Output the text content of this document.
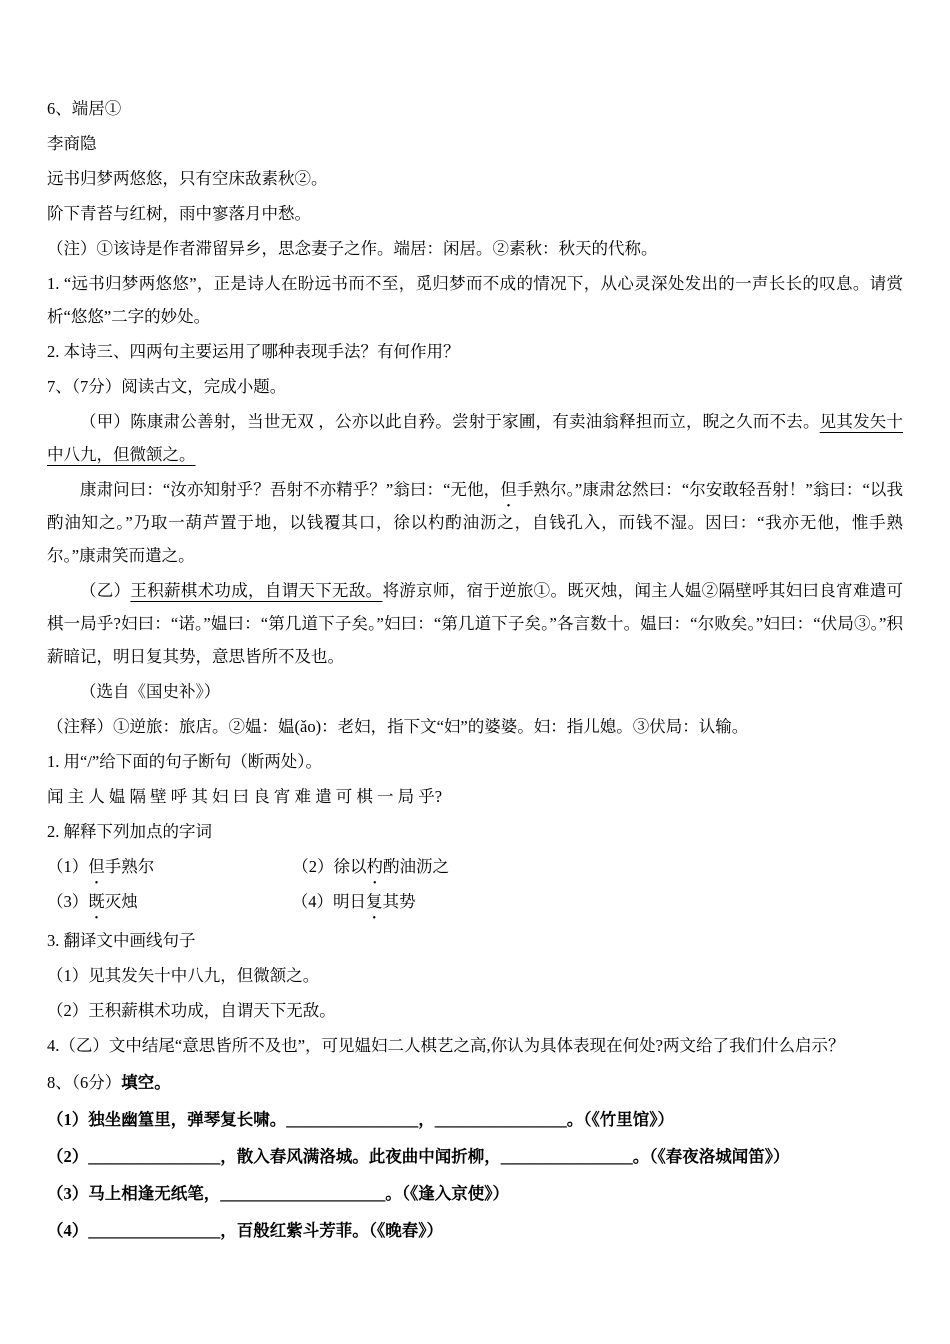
6、端居①
李商隐
远书归梦两悠悠，只有空床敌素秋②。
阶下青苔与红树，雨中寥落月中愁。
（注）①该诗是作者滞留异乡，思念妻子之作。端居：闲居。②素秋：秋天的代称。
1. “远书归梦两悠悠”，正是诗人在盼远书而不至，觅归梦而不成的情况下，从心灵深处发出的一声长长的叹息。请赏析“悠悠”二字的妙处。
2. 本诗三、四两句主要运用了哪种表现手法？有何作用？
7、（7分）阅读古文，完成小题。
（甲）陈康肃公善射，当世无双 ，公亦以此自矜。尝射于家圃，有卖油翁释担而立，睨之久而不去。见其发矢十中八九，但微颔之。
康肃问曰：“汝亦知射乎？吾射不亦精乎？”翁曰：“无他，但手熟尔。”康肃忿然曰：“尔安敢轻吾射！”翁曰：“以我酌油知之。”乃取一葫芦置于地，以钱覆其口，徐以杓酌油沥之，自钱孔入，而钱不湿。因曰：“我亦无他，惟手熟尔。”康肃笑而遣之。
（乙）王积薪棋术功成，自谓天下无敌。将游京师，宿于逆旅①。既灭烛，闻主人媪②隔壁呼其妇曰良宵难遣可棋一局乎?妇曰：“诺。”媪曰：“第几道下子矣。”妇曰：“第几道下子矣。”各言数十。媪曰：“尔败矣。”妇曰：“伏局③。”积薪暗记，明日复其势，意思皆所不及也。
（选自《国史补》）
（注释）①逆旅：旅店。②媪：媪(ǎo)：老妇，指下文“妇”的婆婆。妇：指儿媳。③伏局：认输。
1. 用“/”给下面的句子断句（断两处）。
闻 主 人 媪 隔 壁 呼 其 妇 曰 良 宵 难 遣 可 棋 一 局 乎?
2. 解释下列加点的字词
（1）但手熟尔	（2）徐以杓酌油沥之
（3）既灭烛	（4）明日复其势
3. 翻译文中画线句子
（1）见其发矢十中八九，但微颔之。
（2）王积薪棋术功成，自谓天下无敌。
4.（乙）文中结尾“意思皆所不及也”，可见媪妇二人棋艺之高,你认为具体表现在何处?两文给了我们什么启示？
8、（6分）填空。
（1）独坐幽篁里，弹琴复长啸。________________，________________。（《竹里馆》）
（2）________________，散入春风满洛城。此夜曲中闻折柳，________________。（《春夜洛城闻笛》）
（3）马上相逢无纸笔，____________________。（《逢入京使》）
（4）________________，百般红紫斗芳菲。（《晚春》）
